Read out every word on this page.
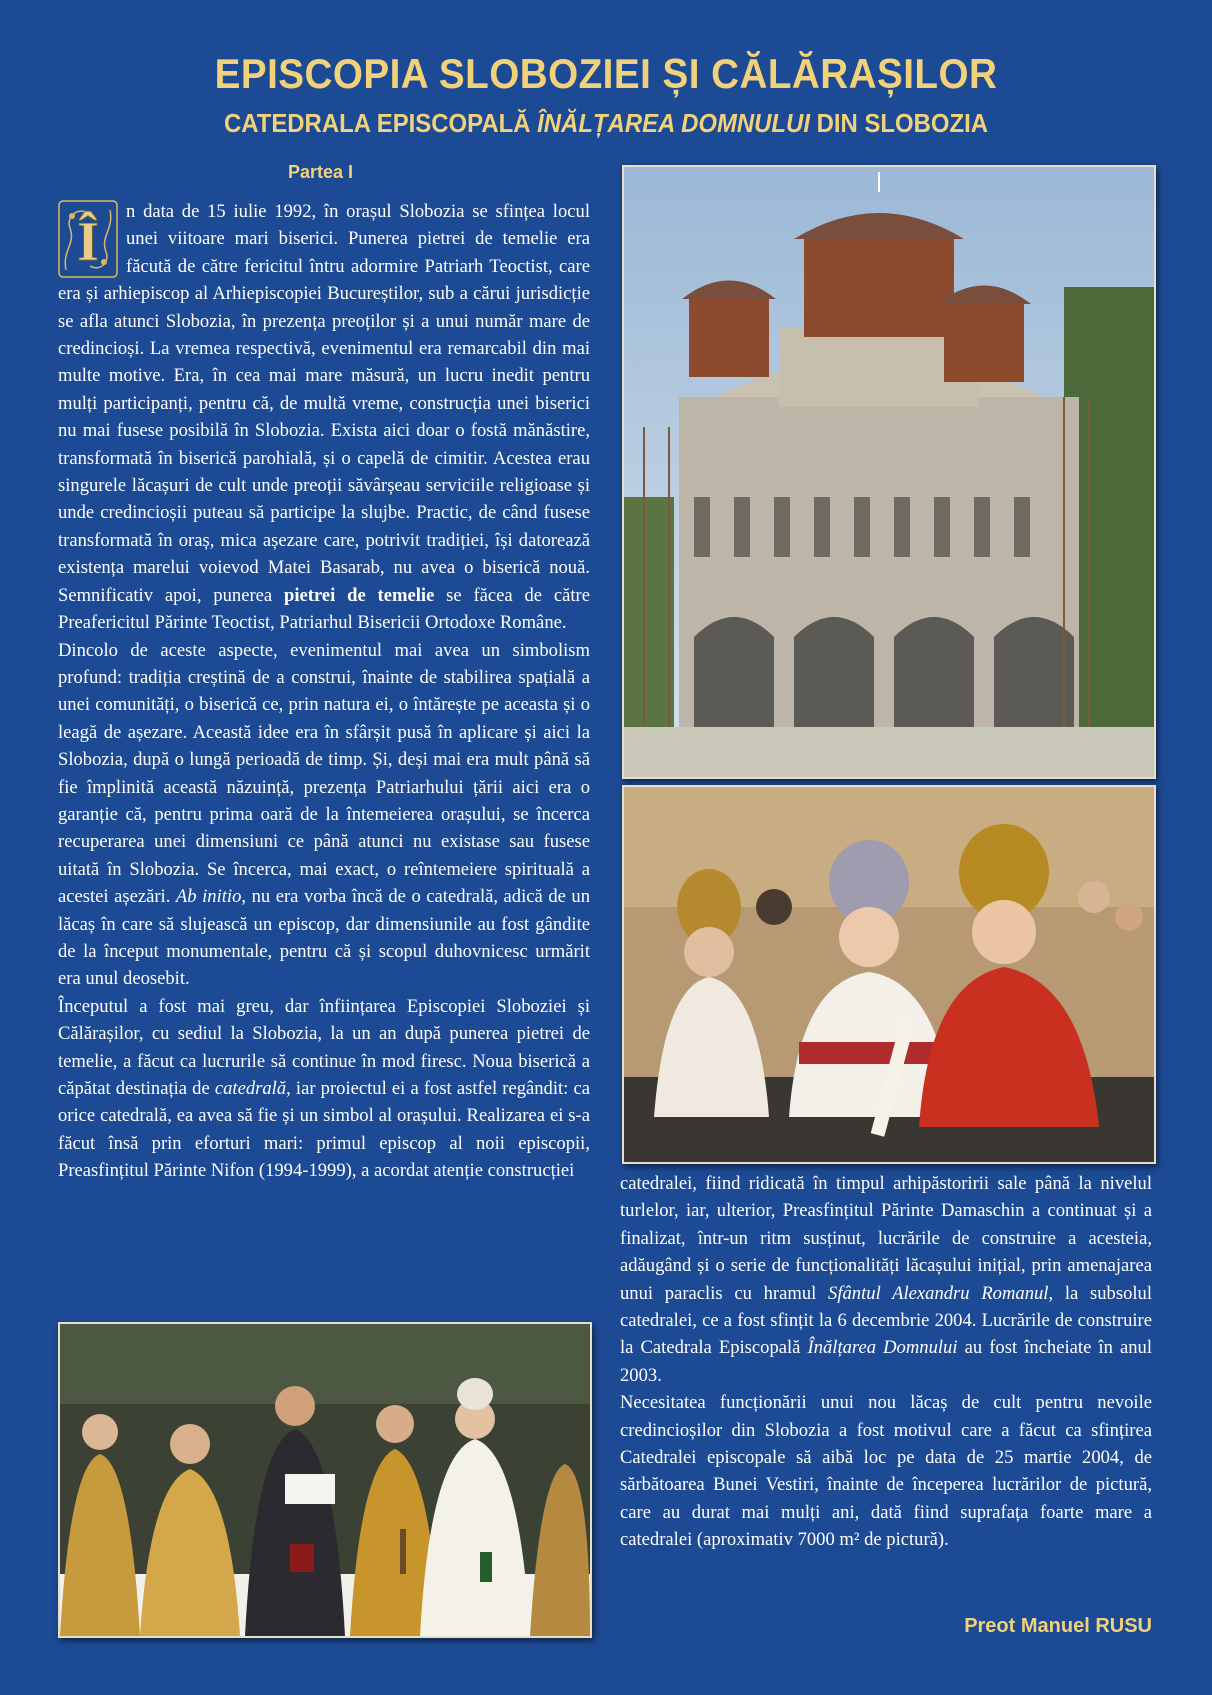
EPISCOPIA SLOBOZIEI ȘI CĂLĂRAȘILOR
CATEDRALA EPISCOPALĂ ÎNĂLȚAREA DOMNULUI DIN SLOBOZIA
Partea I

Î n data de 15 iulie 1992, în orașul Slobozia se sfințea locul unei viitoare mari biserici. Punerea pietrei de temelie era făcută de către fericitul întru adormire Patriarh Teoctist, care era și arhiepiscop al Arhiepiscopiei Bucureștilor, sub a cărui jurisdicție se afla atunci Slobozia, în prezența preoților și a unui număr mare de credincioși. La vremea respectivă, evenimentul era remarcabil din mai multe motive. Era, în cea mai mare măsură, un lucru inedit pentru mulți participanți, pentru că, de multă vreme, construcția unei biserici nu mai fusese posibilă în Slobozia. Exista aici doar o fostă mănăstire, transformată în biserică parohială, și o capelă de cimitir. Acestea erau singurele lăcașuri de cult unde preoții săvârșeau serviciile religioase și unde credincioșii puteau să participe la slujbe. Practic, de când fusese transformată în oraș, mica așezare care, potrivit tradiției, își datorează existența marelui voievod Matei Basarab, nu avea o biserică nouă. Semnificativ apoi, punerea pietrei de temelie se făcea de către Preafericitul Părinte Teoctist, Patriarhul Bisericii Ortodoxe Române.

Dincolo de aceste aspecte, evenimentul mai avea un simbolism profund: tradiția creștină de a construi, înainte de stabilirea spațială a unei comunități, o biserică ce, prin natura ei, o întărește pe aceasta și o leagă de așezare. Această idee era în sfârșit pusă în aplicare și aici la Slobozia, după o lungă perioadă de timp. Și, deși mai era mult până să fie împlinită această năzuință, prezența Patriarhului țării aici era o garanție că, pentru prima oară de la întemeierea orașului, se încerca recuperarea unei dimensiuni ce până atunci nu existase sau fusese uitată în Slobozia. Se încerca, mai exact, o reîntemeiere spirituală a acestei așezări. Ab initio, nu era vorba încă de o catedrală, adică de un lăcaș în care să slujească un episcop, dar dimensiunile au fost gândite de la început monumentale, pentru că și scopul duhovnicesc urmărit era unul deosebit.

Începutul a fost mai greu, dar înființarea Episcopiei Sloboziei și Călărașilor, cu sediul la Slobozia, la un an după punerea pietrei de temelie, a făcut ca lucrurile să continue în mod firesc. Noua biserică a căpătat destinația de catedrală, iar proiectul ei a fost astfel regândit: ca orice catedrală, ea avea să fie și un simbol al orașului. Realizarea ei s-a făcut însă prin eforturi mari: primul episcop al noii episcopii, Preasfințitul Părinte Nifon (1994-1999), a acordat atenție construcției

catedralei, fiind ridicată în timpul arhipăstoririi sale până la nivelul turlelor, iar, ulterior, Preasfințitul Părinte Damaschin a continuat și a finalizat, într-un ritm susținut, lucrările de construire a acesteia, adăugând și o serie de funcționalități lăcașului inițial, prin amenajarea unui paraclis cu hramul Sfântul Alexandru Romanul, la subsolul catedralei, ce a fost sfințit la 6 decembrie 2004. Lucrările de construire la Catedrala Episcopală Înălțarea Domnului au fost încheiate în anul 2003.

Necesitatea funcționării unui nou lăcaș de cult pentru nevoile credincioșilor din Slobozia a fost motivul care a făcut ca sfințirea Catedralei episcopale să aibă loc pe data de 25 martie 2004, de sărbătoarea Bunei Vestiri, înainte de începerea lucrărilor de pictură, care au durat mai mulți ani, dată fiind suprafața foarte mare a catedralei (aproximativ 7000 m² de pictură).

Preot Manuel RUSU
